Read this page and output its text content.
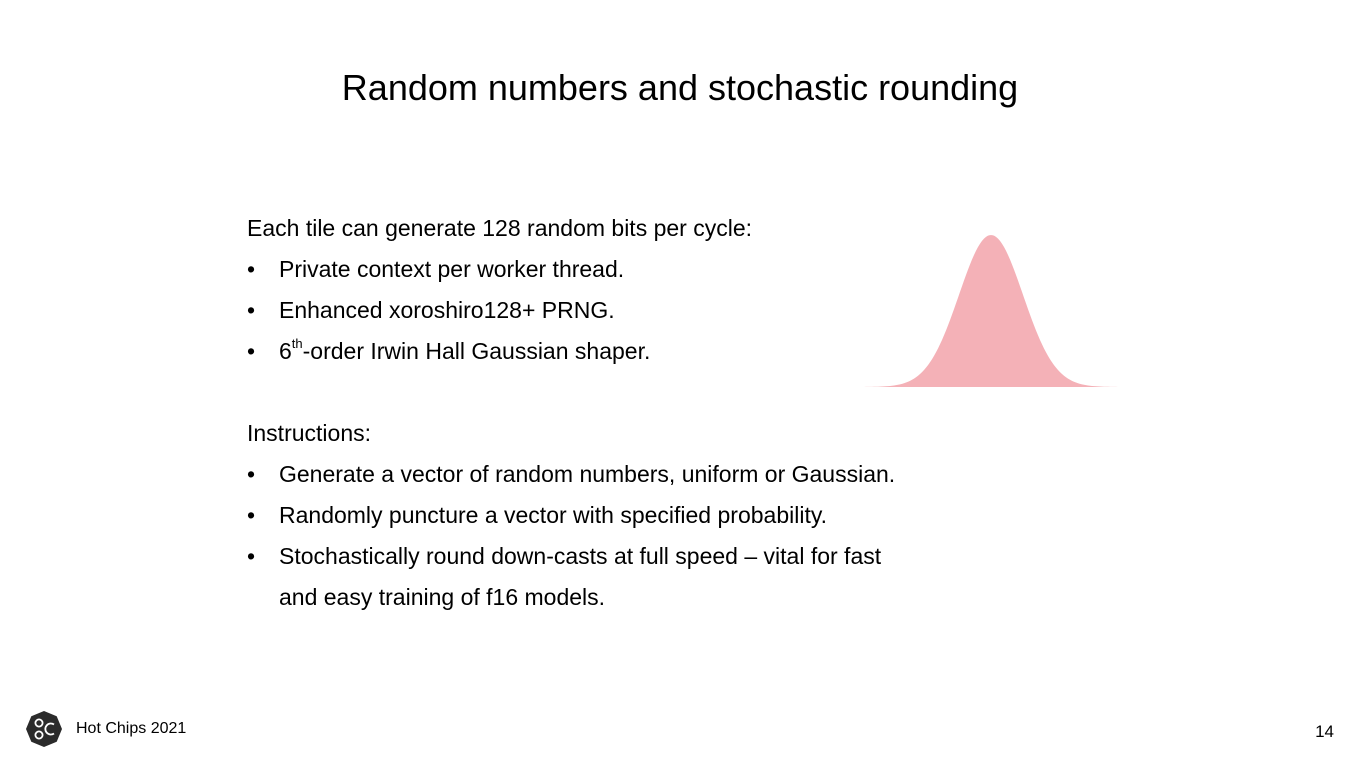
Random numbers and stochastic rounding
Each tile can generate 128 random bits per cycle:
•	Private context per worker thread.
•	Enhanced xoroshiro128+ PRNG.
•	6th-order Irwin Hall Gaussian shaper.
Instructions:
•	Generate a vector of random numbers, uniform or Gaussian.
•	Randomly puncture a vector with specified probability.
•	Stochastically round down-casts at full speed – vital for fast
and easy training of f16 models.
Hot Chips 2021	14
